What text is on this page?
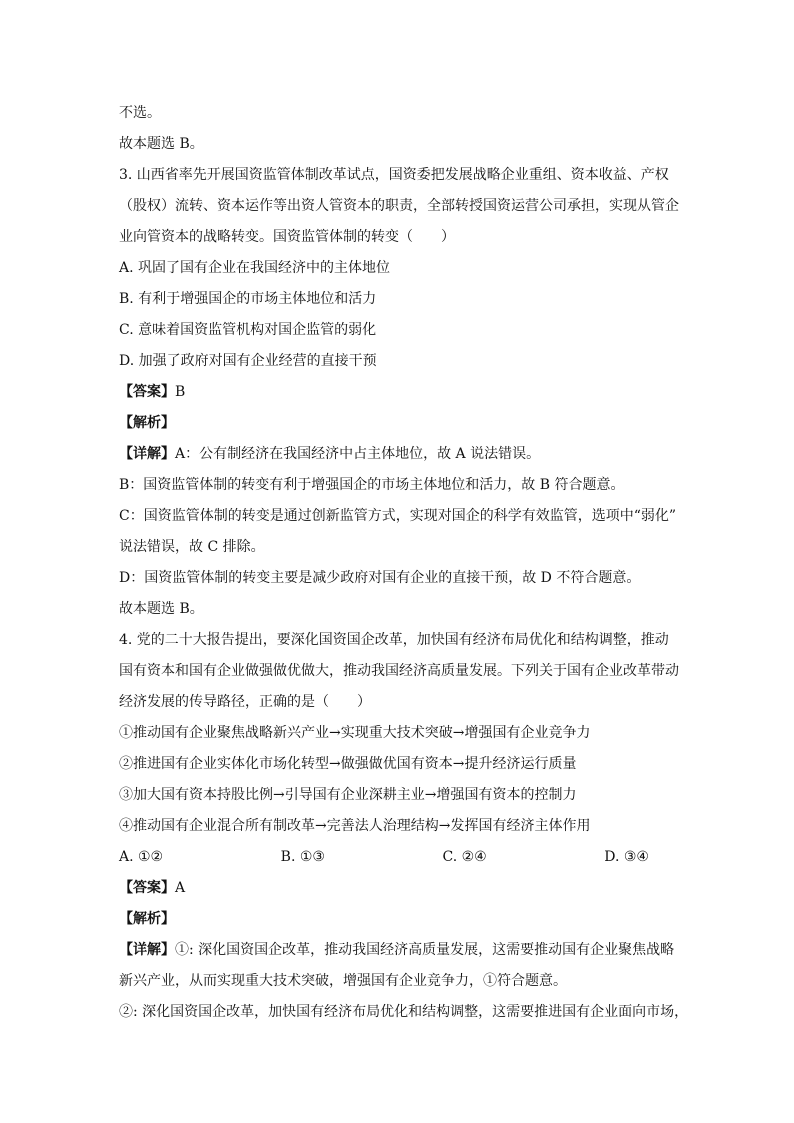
不选。
故本题选 B。
3. 山西省率先开展国资监管体制改革试点，国资委把发展战略企业重组、资本收益、产权
（股权）流转、资本运作等出资人管资本的职责，全部转授国资运营公司承担，实现从管企
业向管资本的战略转变。国资监管体制的转变（　　）
A. 巩固了国有企业在我国经济中的主体地位
B. 有利于增强国企的市场主体地位和活力
C. 意味着国资监管机构对国企监管的弱化
D. 加强了政府对国有企业经营的直接干预
【答案】B
【解析】
【详解】A：公有制经济在我国经济中占主体地位，故 A 说法错误。
B：国资监管体制的转变有利于增强国企的市场主体地位和活力，故 B 符合题意。
C：国资监管体制的转变是通过创新监管方式，实现对国企的科学有效监管，选项中“弱化”
说法错误，故 C 排除。
D：国资监管体制的转变主要是减少政府对国有企业的直接干预，故 D 不符合题意。
故本题选 B。
4. 党的二十大报告提出，要深化国资国企改革，加快国有经济布局优化和结构调整，推动
国有资本和国有企业做强做优做大，推动我国经济高质量发展。下列关于国有企业改革带动
经济发展的传导路径，正确的是（　　）
①推动国有企业聚焦战略新兴产业→实现重大技术突破→增强国有企业竞争力
②推进国有企业实体化市场化转型→做强做优国有资本→提升经济运行质量
③加大国有资本持股比例→引导国有企业深耕主业→增强国有资本的控制力
④推动国有企业混合所有制改革→完善法人治理结构→发挥国有经济主体作用
A. ①②	B. ①③	C. ②④	D. ③④
【答案】A
【解析】
【详解】①: 深化国资国企改革，推动我国经济高质量发展，这需要推动国有企业聚焦战略
新兴产业，从而实现重大技术突破，增强国有企业竞争力，①符合题意。
②: 深化国资国企改革，加快国有经济布局优化和结构调整，这需要推进国有企业面向市场，
